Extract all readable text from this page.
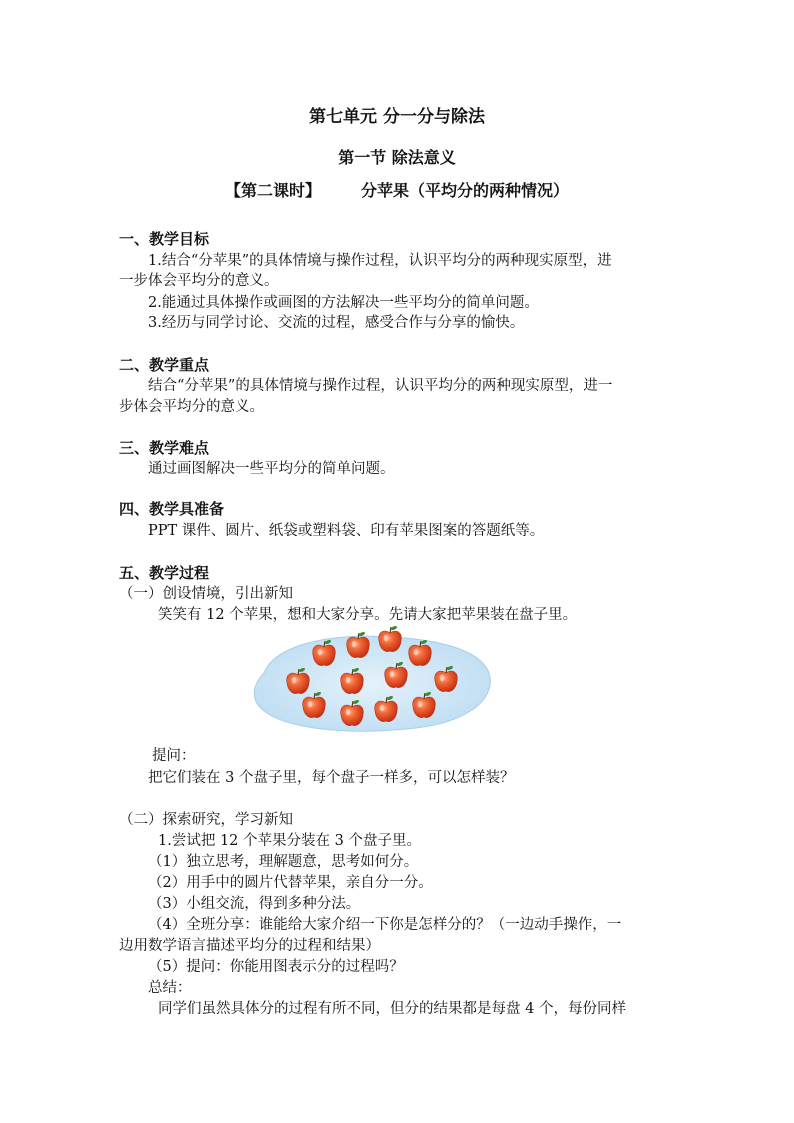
第七单元 分一分与除法
第一节 除法意义
【第二课时】	分苹果（平均分的两种情况）
一、教学目标
1.结合“分苹果”的具体情境与操作过程，认识平均分的两种现实原型，进
一步体会平均分的意义。
2.能通过具体操作或画图的方法解决一些平均分的简单问题。
3.经历与同学讨论、交流的过程，感受合作与分享的愉快。
二、教学重点
结合“分苹果”的具体情境与操作过程，认识平均分的两种现实原型，进一
步体会平均分的意义。
三、教学难点
通过画图解决一些平均分的简单问题。
四、教学具准备
PPT 课件、圆片、纸袋或塑料袋、印有苹果图案的答题纸等。
五、教学过程
（一）创设情境，引出新知
笑笑有 12 个苹果，想和大家分享。先请大家把苹果装在盘子里。
提问：
把它们装在 3 个盘子里，每个盘子一样多，可以怎样装？
（二）探索研究，学习新知
1.尝试把 12 个苹果分装在 3 个盘子里。
（1）独立思考，理解题意，思考如何分。
（2）用手中的圆片代替苹果，亲自分一分。
（3）小组交流，得到多种分法。
（4）全班分享：谁能给大家介绍一下你是怎样分的？（一边动手操作，一
边用数学语言描述平均分的过程和结果）
（5）提问：你能用图表示分的过程吗？
总结：
同学们虽然具体分的过程有所不同，但分的结果都是每盘 4 个，每份同样
